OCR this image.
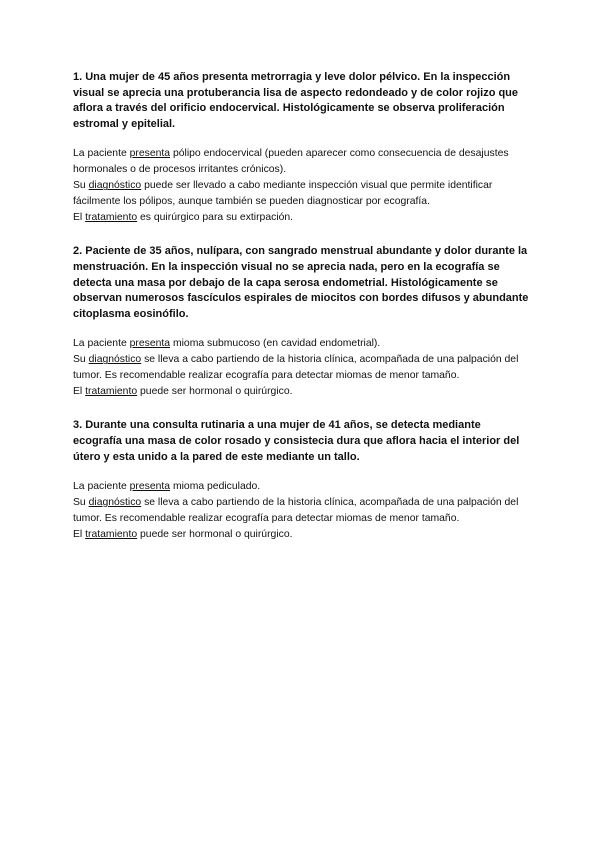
1. Una mujer de 45 años presenta metrorragia y leve dolor pélvico. En la inspección visual se aprecia una protuberancia lisa de aspecto redondeado y de color rojizo que aflora a través del orificio endocervical. Histológicamente se observa proliferación estromal y epitelial.

La paciente presenta pólipo endocervical (pueden aparecer como consecuencia de desajustes hormonales o de procesos irritantes crónicos).
Su diagnóstico puede ser llevado a cabo mediante inspección visual que permite identificar fácilmente los pólipos, aunque también se pueden diagnosticar por ecografía.
El tratamiento es quirúrgico para su extirpación.

2. Paciente de 35 años, nulípara, con sangrado menstrual abundante y dolor durante la menstruación. En la inspección visual no se aprecia nada, pero en la ecografía se detecta una masa por debajo de la capa serosa endometrial. Histológicamente se observan numerosos fascículos espirales de miocitos con bordes difusos y abundante citoplasma eosinófilo.

La paciente presenta mioma submucoso (en cavidad endometrial).
Su diagnóstico se lleva a cabo partiendo de la historia clínica, acompañada de una palpación del tumor. Es recomendable realizar ecografía para detectar miomas de menor tamaño.
El tratamiento puede ser hormonal o quirúrgico.

3. Durante una consulta rutinaria a una mujer de 41 años, se detecta mediante ecografía una masa de color rosado y consistecia dura que aflora hacia el interior del útero y esta unido a la pared de este mediante un tallo.

La paciente presenta mioma pediculado.
Su diagnóstico se lleva a cabo partiendo de la historia clínica, acompañada de una palpación del tumor. Es recomendable realizar ecografía para detectar miomas de menor tamaño.
El tratamiento puede ser hormonal o quirúrgico.
